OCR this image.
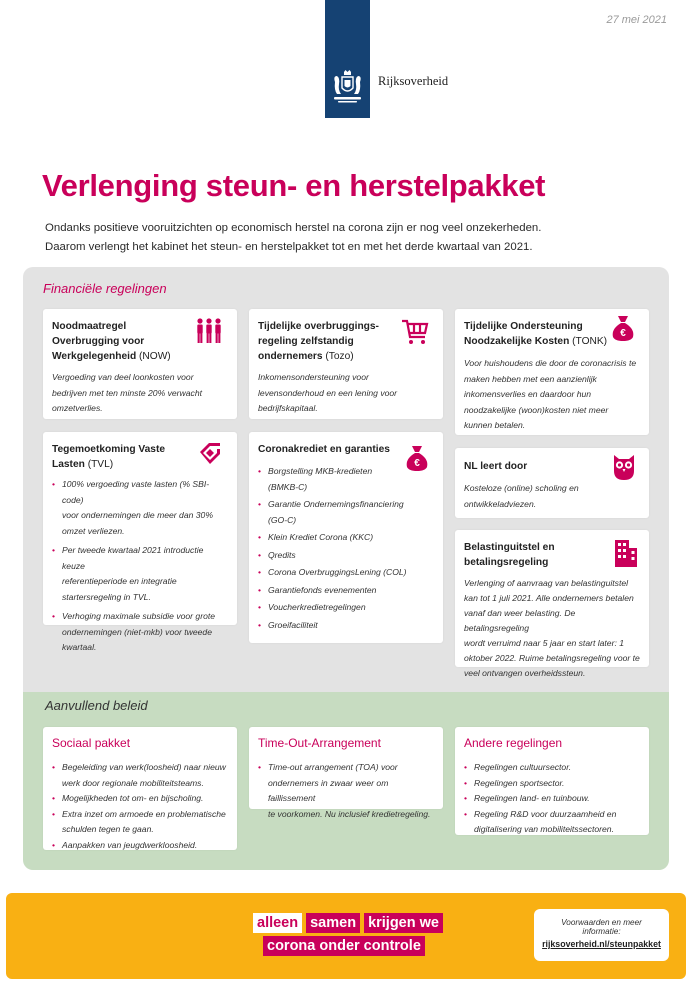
27 mei 2021
Rijksoverheid
Verlenging steun- en herstelpakket

Ondanks positieve vooruitzichten op economisch herstel na corona zijn er nog veel onzekerheden.

Daarom verlengt het kabinet het steun- en herstelpakket tot en met het derde kwartaal van 2021.

Financiële regelingen
Noodmaatregel
Overbrugging voor
Werkgelegenheid (NOW)
Vergoeding van deel loonkosten voor
bedrijven met ten minste 20% verwacht
omzetverlies.
Tijdelijke overbruggings-
regeling zelfstandig
ondernemers (Tozo)
Inkomensondersteuning voor
levensonderhoud en een lening voor
bedrijfskapitaal.
Tijdelijke Ondersteuning
Noodzakelijke Kosten (TONK)
Voor huishoudens die door de coronacrisis te
maken hebben met een aanzienlijk
inkomensverlies en daardoor hun
noodzakelijke (woon)kosten niet meer
kunnen betalen.
€
Tegemoetkoming Vaste
Lasten (TVL)
• 100% vergoeding vaste lasten (% SBI-code)
voor ondernemingen die meer dan 30%
omzet verliezen.
• Per tweede kwartaal 2021 introductie keuze
referentieperiode en integratie
startersregeling in TVL.
• Verhoging maximale subsidie voor grote
ondernemingen (niet-mkb) voor tweede
kwartaal.
Coronakrediet en garanties
• Borgstelling MKB-kredieten
(BMKB-C)
• Garantie Ondernemingsfinanciering
(GO-C)
• Klein Krediet Corona (KKC)
• Qredits
• Corona OverbruggingsLening (COL)
• Garantiefonds evenementen
• Voucherkredietregelingen
• Groeifaciliteit
€	NL leert door
Kosteloze (online) scholing en
ontwikkeladviezen.
Belastinguitstel en
betalingsregeling
Verlenging of aanvraag van belastinguitstel
kan tot 1 juli 2021. Alle ondernemers betalen
vanaf dan weer belasting. De betalingsregeling
wordt verruimd naar 5 jaar en start later: 1
oktober 2022. Ruime betalingsregeling voor te
veel ontvangen overheidssteun.
Aanvullend beleid
Sociaal pakket
• Begeleiding van werk(loosheid) naar nieuw
werk door regionale mobiliteitsteams.
• Mogelijkheden tot om- en bijscholing.
• Extra inzet om armoede en problematische
schulden tegen te gaan.
• Aanpakken van jeugdwerkloosheid.
Time-Out-Arrangement
• Time-out arrangement (TOA) voor
ondernemers in zwaar weer om faillissement
te voorkomen. Nu inclusief kredietregeling.
Andere regelingen
• Regelingen cultuursector.
• Regelingen sportsector.
• Regelingen land- en tuinbouw.
• Regeling R&D voor duurzaamheid en
digitalisering van mobiliteitssectoren.
alleen samen krijgen we
corona onder controle
Voorwaarden en meer informatie:
rijksoverheid.nl/steunpakket
